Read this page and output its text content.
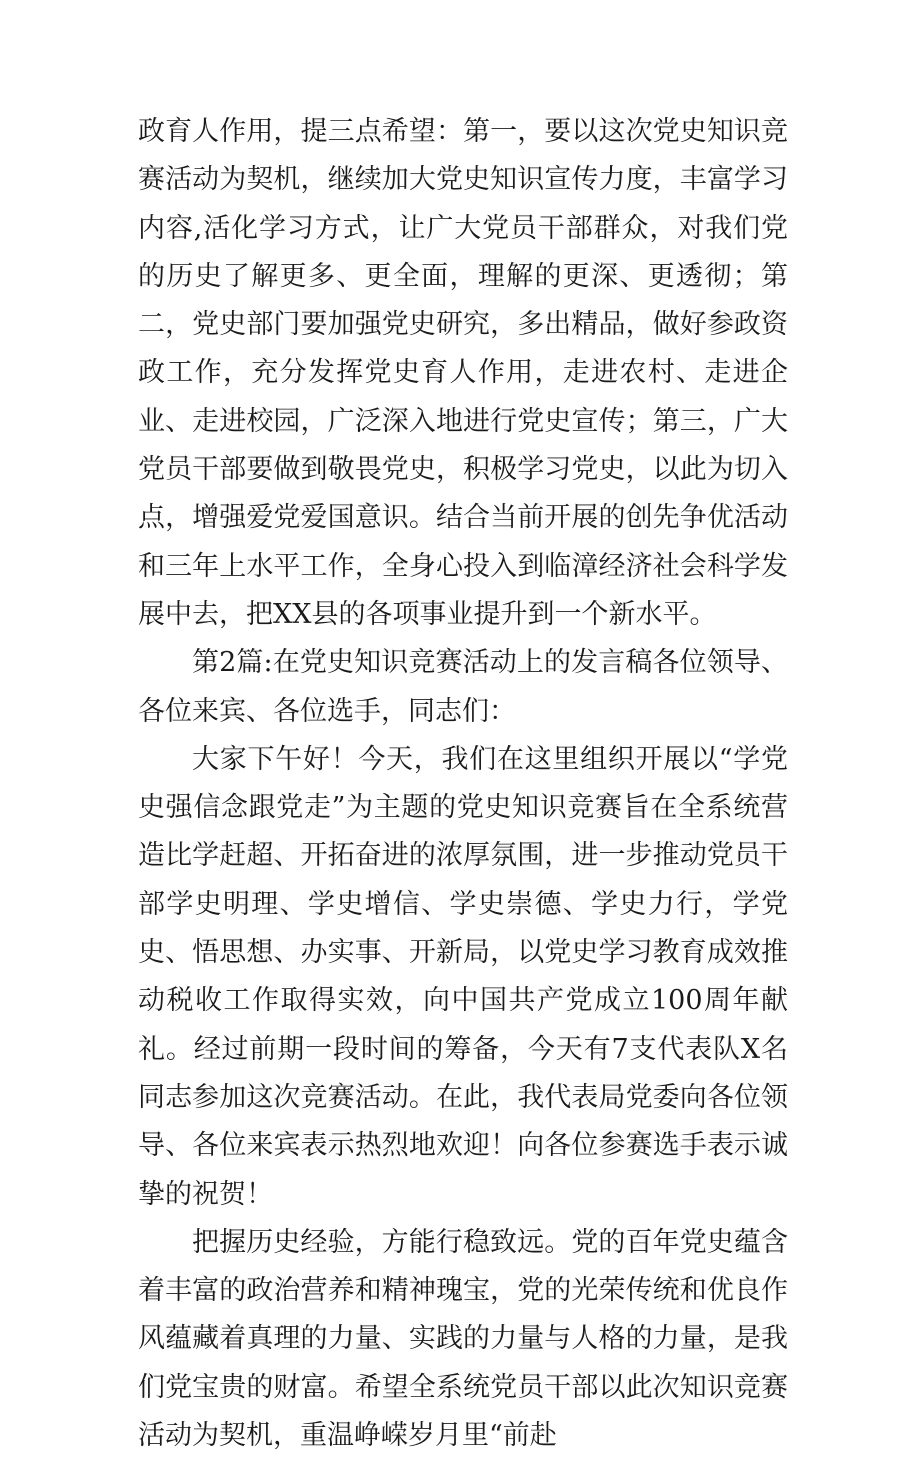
政育人作用，提三点希望：第一，要以这次党史知识竞赛活动为契机，继续加大党史知识宣传力度，丰富学习内容,活化学习方式，让广大党员干部群众，对我们党的历史了解更多、更全面，理解的更深、更透彻；第二，党史部门要加强党史研究，多出精品，做好参政资政工作，充分发挥党史育人作用，走进农村、走进企业、走进校园，广泛深入地进行党史宣传；第三，广大党员干部要做到敬畏党史，积极学习党史，以此为切入点，增强爱党爱国意识。结合当前开展的创先争优活动和三年上水平工作，全身心投入到临漳经济社会科学发展中去，把XX县的各项事业提升到一个新水平。

第2篇:在党史知识竞赛活动上的发言稿各位领导、各位来宾、各位选手，同志们：

大家下午好！今天，我们在这里组织开展以“学党史强信念跟党走”为主题的党史知识竞赛旨在全系统营造比学赶超、开拓奋进的浓厚氛围，进一步推动党员干部学史明理、学史增信、学史崇德、学史力行，学党史、悟思想、办实事、开新局，以党史学习教育成效推动税收工作取得实效，向中国共产党成立100周年献礼。经过前期一段时间的筹备，今天有7支代表队X名同志参加这次竞赛活动。在此，我代表局党委向各位领导、各位来宾表示热烈地欢迎！向各位参赛选手表示诚挚的祝贺！

把握历史经验，方能行稳致远。党的百年党史蕴含着丰富的政治营养和精神瑰宝，党的光荣传统和优良作风蕴藏着真理的力量、实践的力量与人格的力量，是我们党宝贵的财富。希望全系统党员干部以此次知识竞赛活动为契机，重温峥嵘岁月里“前赴
